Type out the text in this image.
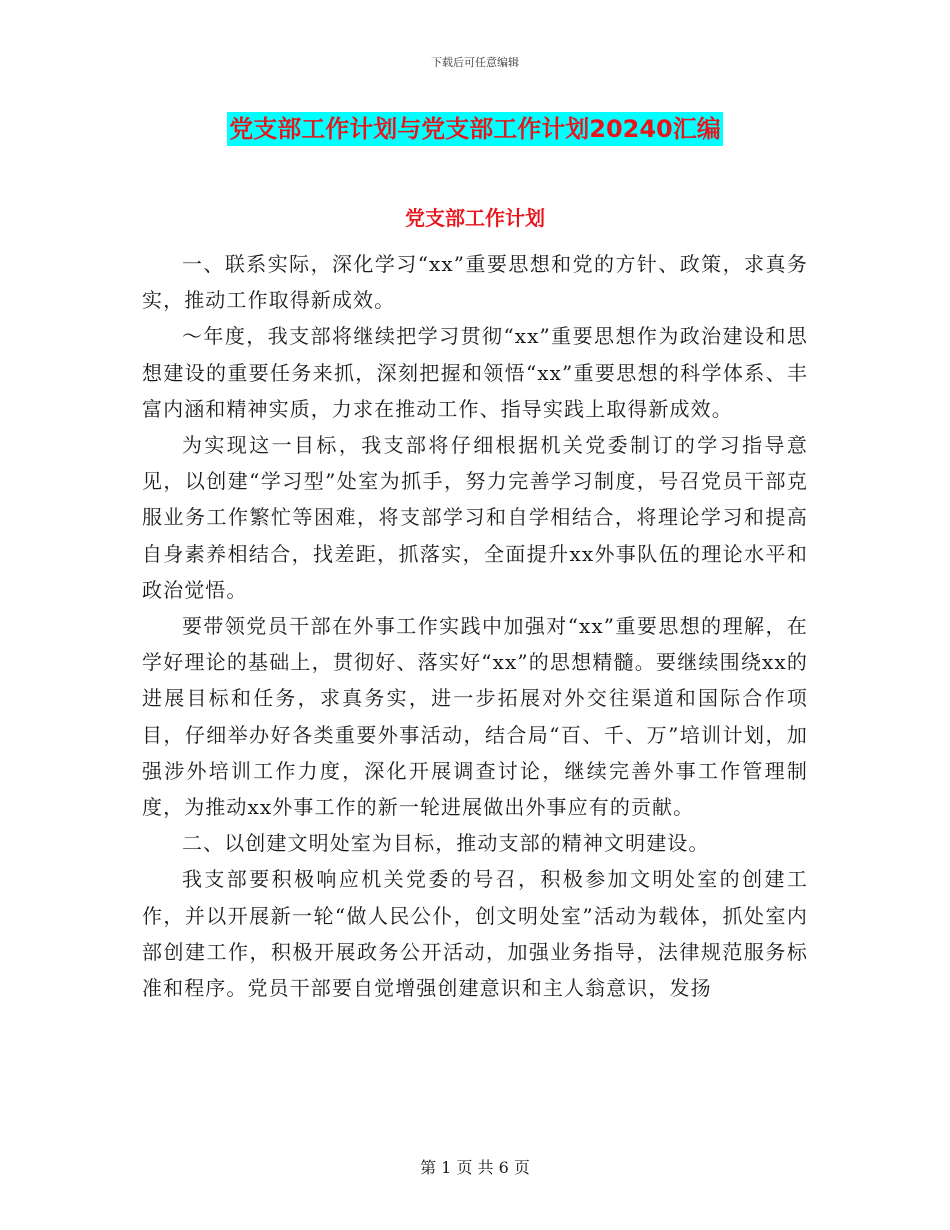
下载后可任意编辑
党支部工作计划与党支部工作计划20240汇编
党支部工作计划

一、联系实际，深化学习“xx”重要思想和党的方针、政策，求真务实，推动工作取得新成效。

～年度，我支部将继续把学习贯彻“xx”重要思想作为政治建设和思想建设的重要任务来抓，深刻把握和领悟“xx”重要思想的科学体系、丰富内涵和精神实质，力求在推动工作、指导实践上取得新成效。

为实现这一目标，我支部将仔细根据机关党委制订的学习指导意见，以创建“学习型”处室为抓手，努力完善学习制度，号召党员干部克服业务工作繁忙等困难，将支部学习和自学相结合，将理论学习和提高自身素养相结合，找差距，抓落实，全面提升xx外事队伍的理论水平和政治觉悟。

要带领党员干部在外事工作实践中加强对“xx”重要思想的理解，在学好理论的基础上，贯彻好、落实好“xx”的思想精髓。要继续围绕xx的进展目标和任务，求真务实，进一步拓展对外交往渠道和国际合作项目，仔细举办好各类重要外事活动，结合局“百、千、万”培训计划，加强涉外培训工作力度，深化开展调查讨论，继续完善外事工作管理制度，为推动xx外事工作的新一轮进展做出外事应有的贡献。

二、以创建文明处室为目标，推动支部的精神文明建设。

我支部要积极响应机关党委的号召，积极参加文明处室的创建工作，并以开展新一轮“做人民公仆，创文明处室”活动为载体，抓处室内部创建工作，积极开展政务公开活动，加强业务指导，法律规范服务标准和程序。党员干部要自觉增强创建意识和主人翁意识，发扬

第 1 页 共 6 页
